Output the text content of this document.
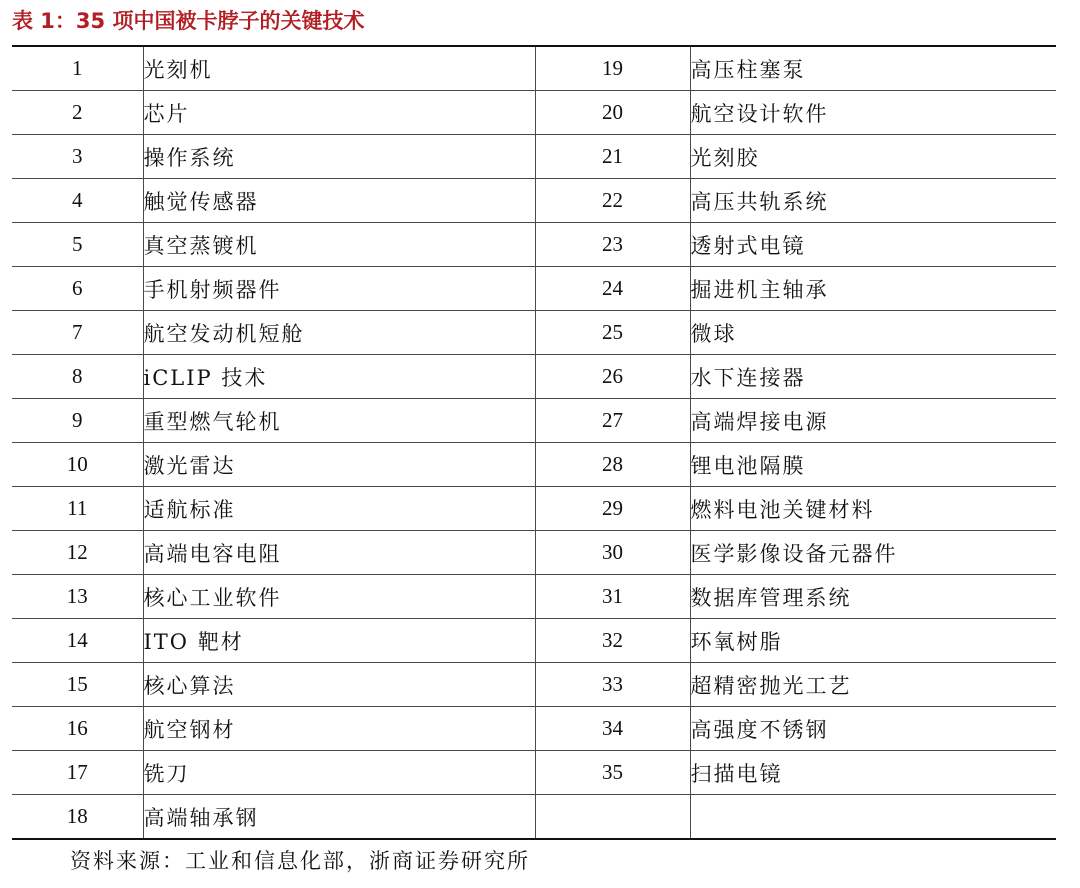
表 1：35 项中国被卡脖子的关键技术
1	光刻机	19	高压柱塞泵
2	芯片	20	航空设计软件
3	操作系统	21	光刻胶
4	触觉传感器	22	高压共轨系统
5	真空蒸镀机	23	透射式电镜
6	手机射频器件	24	掘进机主轴承
7	航空发动机短舱	25	微球
8	iCLIP 技术	26	水下连接器
9	重型燃气轮机	27	高端焊接电源
10	激光雷达	28	锂电池隔膜
11	适航标准	29	燃料电池关键材料
12	高端电容电阻	30	医学影像设备元器件
13	核心工业软件	31	数据库管理系统
14	ITO 靶材	32	环氧树脂
15	核心算法	33	超精密抛光工艺
16	航空钢材	34	高强度不锈钢
17	铣刀	35	扫描电镜
18	高端轴承钢		
资料来源：工业和信息化部，浙商证券研究所
